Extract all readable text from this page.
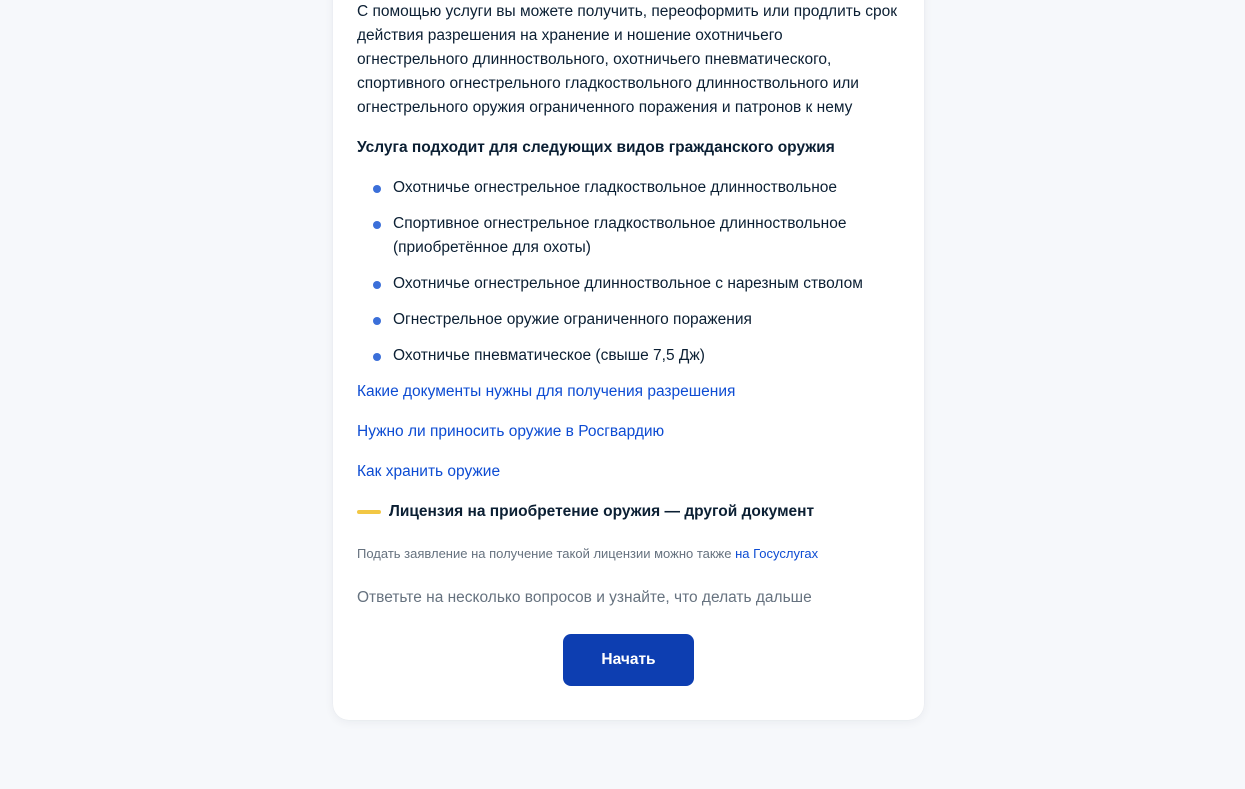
С помощью услуги вы можете получить, переоформить или продлить срок действия разрешения на хранение и ношение охотничьего огнестрельного длинноствольного, охотничьего пневматического, спортивного огнестрельного гладкоствольного длинноствольного или огнестрельного оружия ограниченного поражения и патронов к нему

Услуга подходит для следующих видов гражданского оружия
Охотничье огнестрельное гладкоствольное длинноствольное
Спортивное огнестрельное гладкоствольное длинноствольное (приобретённое для охоты)
Охотничье огнестрельное длинноствольное с нарезным стволом
Огнестрельное оружие ограниченного поражения
Охотничье пневматическое (свыше 7,5 Дж)
Какие документы нужны для получения разрешения
Нужно ли приносить оружие в Росгвардию
Как хранить оружие
Лицензия на приобретение оружия — другой документ
Подать заявление на получение такой лицензии можно также на Госуслугах
Ответьте на несколько вопросов и узнайте, что делать дальше
Начать
